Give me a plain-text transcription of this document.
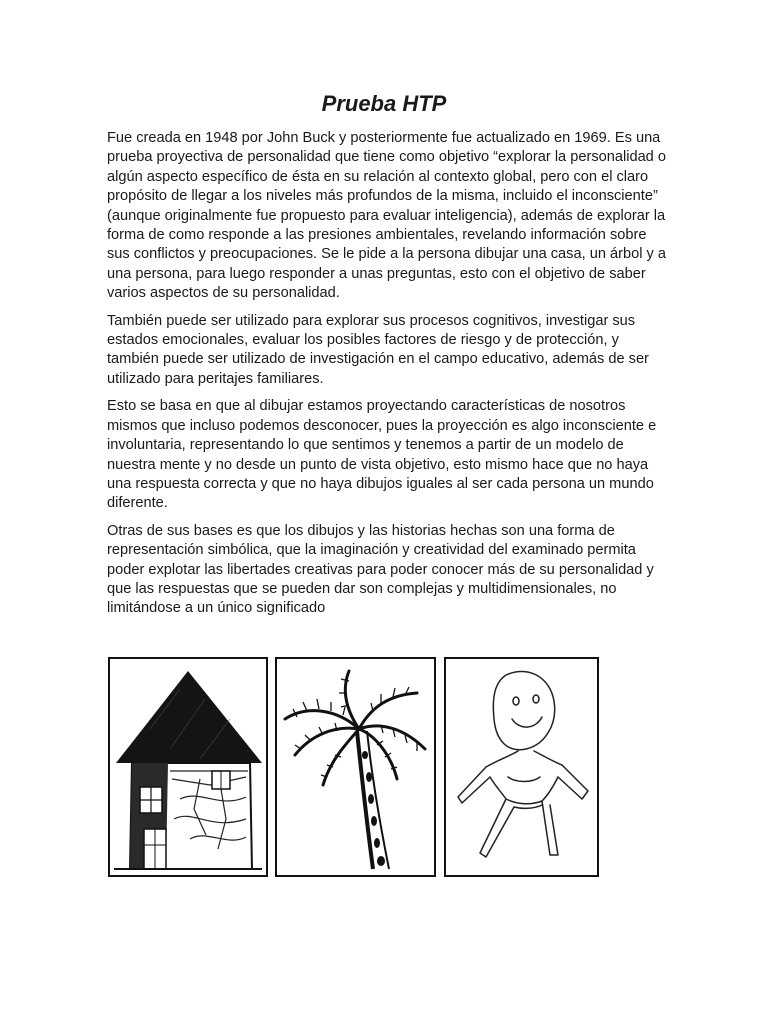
Prueba HTP

Fue creada en 1948 por John Buck y posteriormente fue actualizado en 1969. Es una prueba proyectiva de personalidad que tiene como objetivo “explorar la personalidad o algún aspecto específico de ésta en su relación al contexto global, pero con el claro propósito de llegar a los niveles más profundos de la misma, incluido el inconsciente” (aunque originalmente fue propuesto para evaluar inteligencia), además de explorar la forma de como responde a las presiones ambientales, revelando información sobre sus conflictos y preocupaciones. Se le pide a la persona dibujar una casa, un árbol y a una persona, para luego responder a unas preguntas, esto con el objetivo de saber varios aspectos de su personalidad.

También puede ser utilizado para explorar sus procesos cognitivos, investigar sus estados emocionales, evaluar los posibles factores de riesgo y de protección, y también puede ser utilizado de investigación en el campo educativo, además de ser utilizado para peritajes familiares.

Esto se basa en que al dibujar estamos proyectando características de nosotros mismos que incluso podemos desconocer, pues la proyección es algo inconsciente e involuntaria, representando lo que sentimos y tenemos a partir de un modelo de nuestra mente y no desde un punto de vista objetivo, esto mismo hace que no haya una respuesta correcta y que no haya dibujos iguales al ser cada persona un mundo diferente.

Otras de sus bases es que los dibujos y las historias hechas son una forma de representación simbólica, que la imaginación y creatividad del examinado permita poder explotar las libertades creativas para poder conocer más de su personalidad y que las respuestas que se pueden dar son complejas y multidimensionales, no limitándose a un único significado
